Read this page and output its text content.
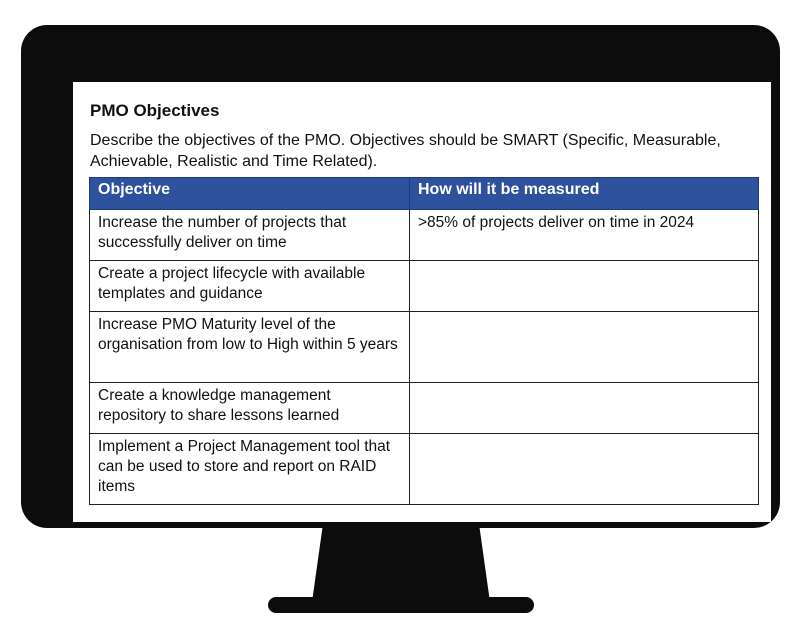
PMO Objectives
Describe the objectives of the PMO. Objectives should be SMART (Specific, Measurable, Achievable, Realistic and Time Related).
Objective	How will it be measured
Increase the number of projects that successfully deliver on time	>85% of projects deliver on time in 2024
Create a project lifecycle with available templates and guidance	
Increase PMO Maturity level of the organisation from low to High within 5 years	
Create a knowledge management repository to share lessons learned	
Implement a Project Management tool that can be used to store and report on RAID items	
